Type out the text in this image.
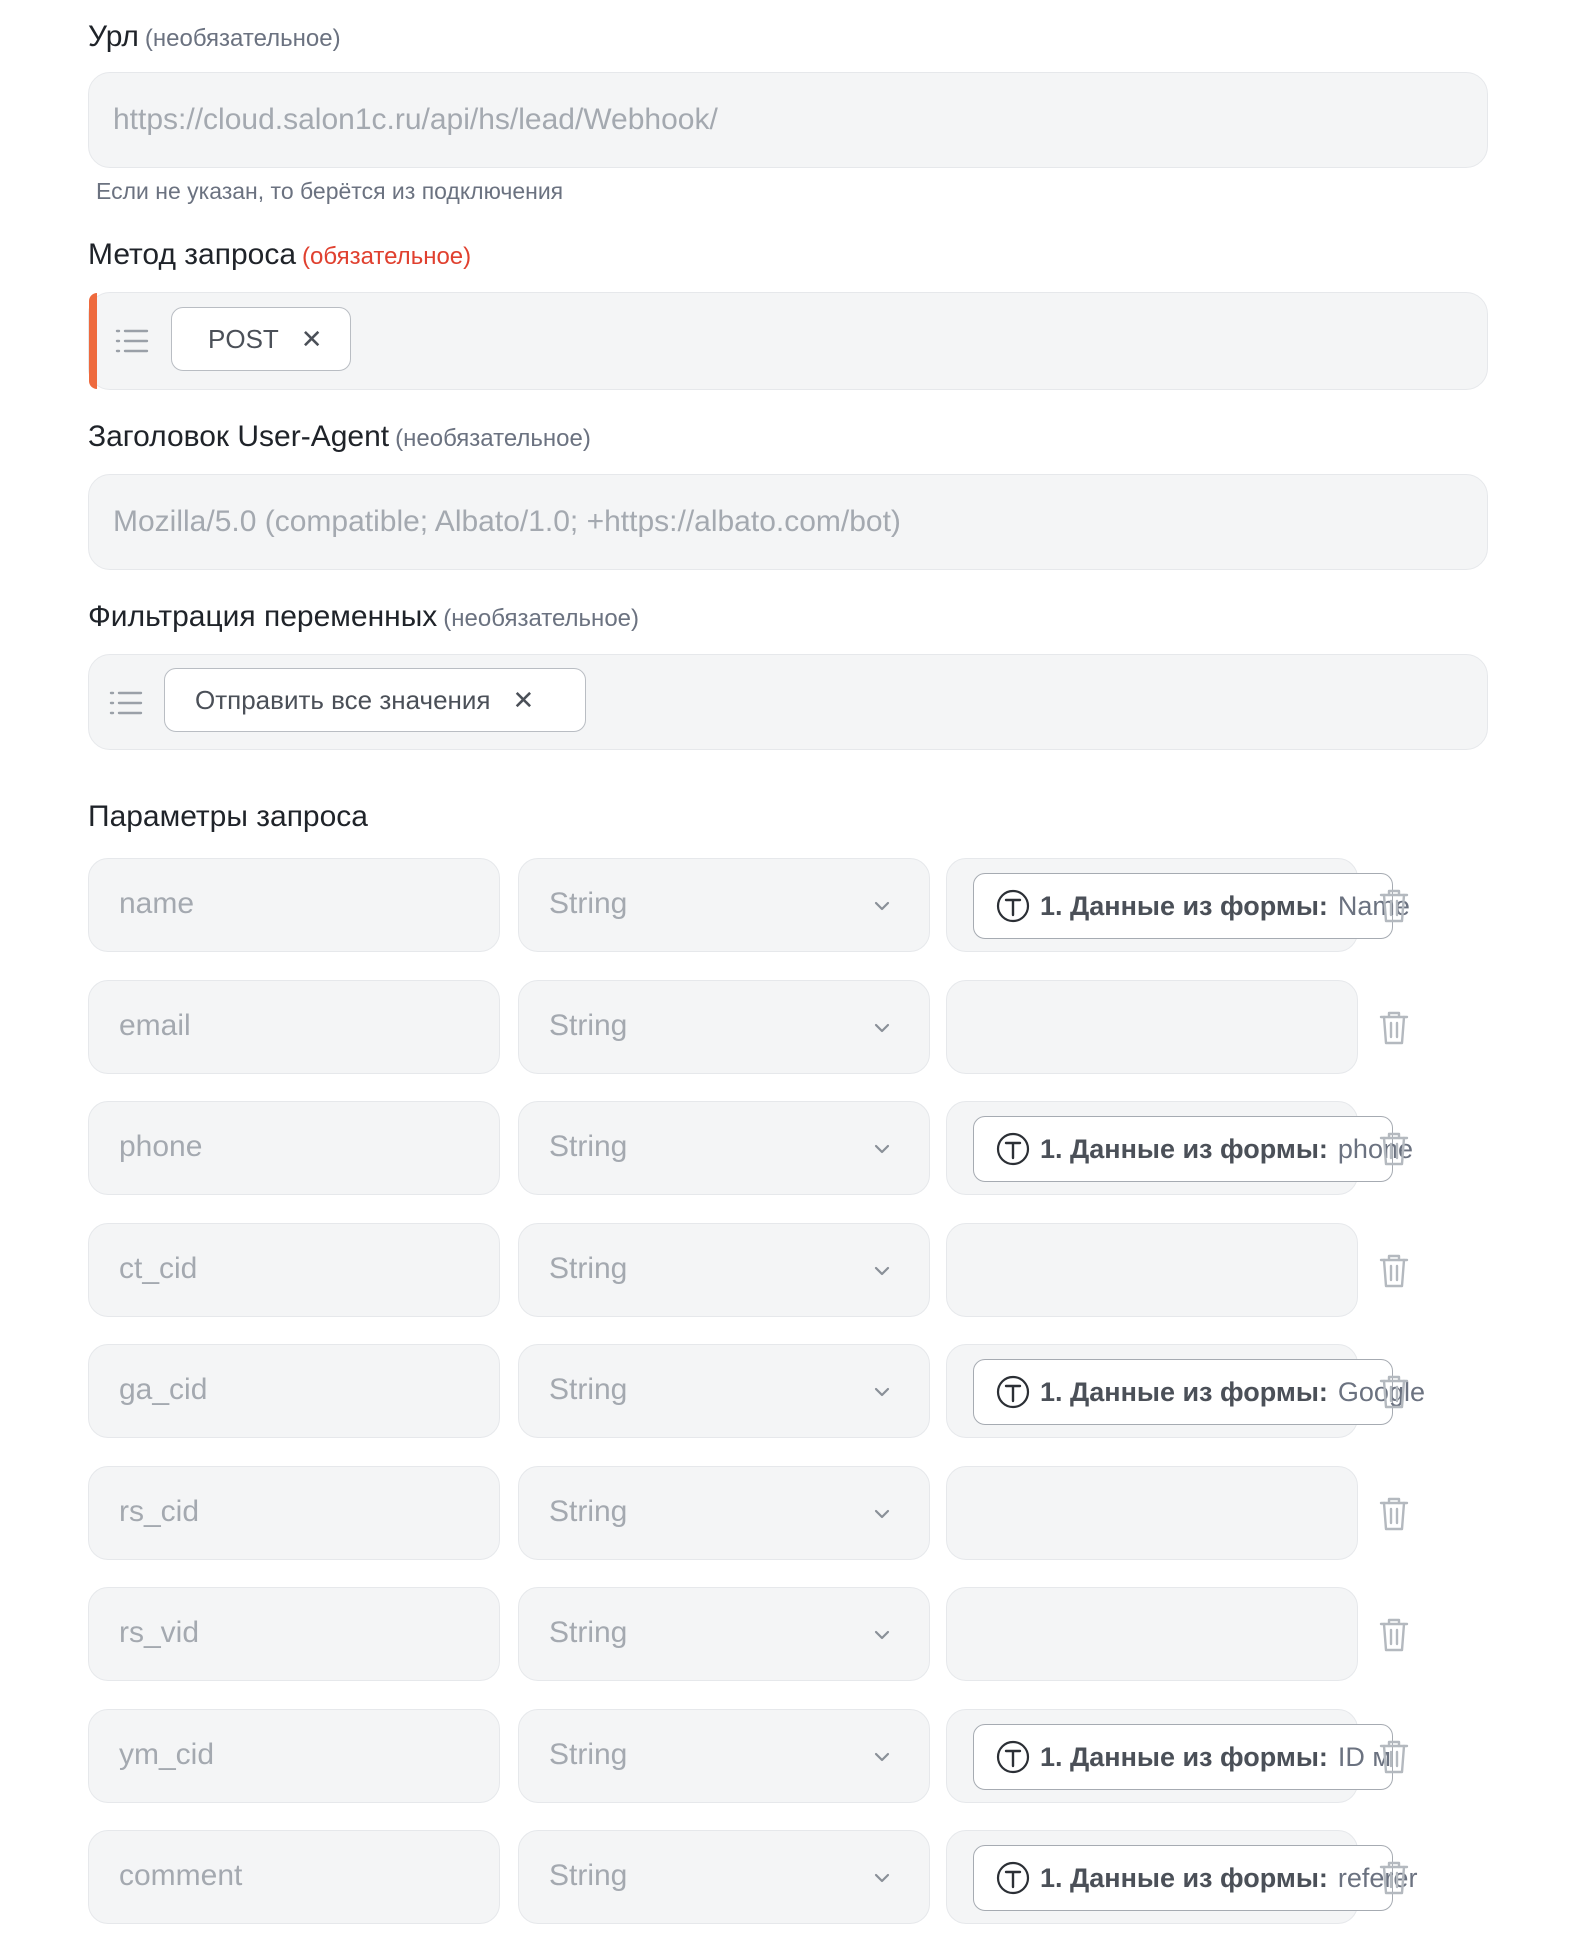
Урл (необязательное)
https://cloud.salon1c.ru/api/hs/lead/Webhook/
Если не указан, то берётся из подключения
Метод запроса (обязательное)
POST ✕
Заголовок User-Agent (необязательное)
Mozilla/5.0 (compatible; Albato/1.0; +https://albato.com/bot)
Фильтрация переменных (необязательное)
Отправить все значения ✕
Параметры запроса
name	String	1. Данные из формы: Name
email	String
phone	String	1. Данные из формы: phone
ct_cid	String
ga_cid	String	1. Данные из формы: Google
rs_cid	String
rs_vid	String
ym_cid	String	1. Данные из формы: ID м
comment	String	1. Данные из формы: referer
